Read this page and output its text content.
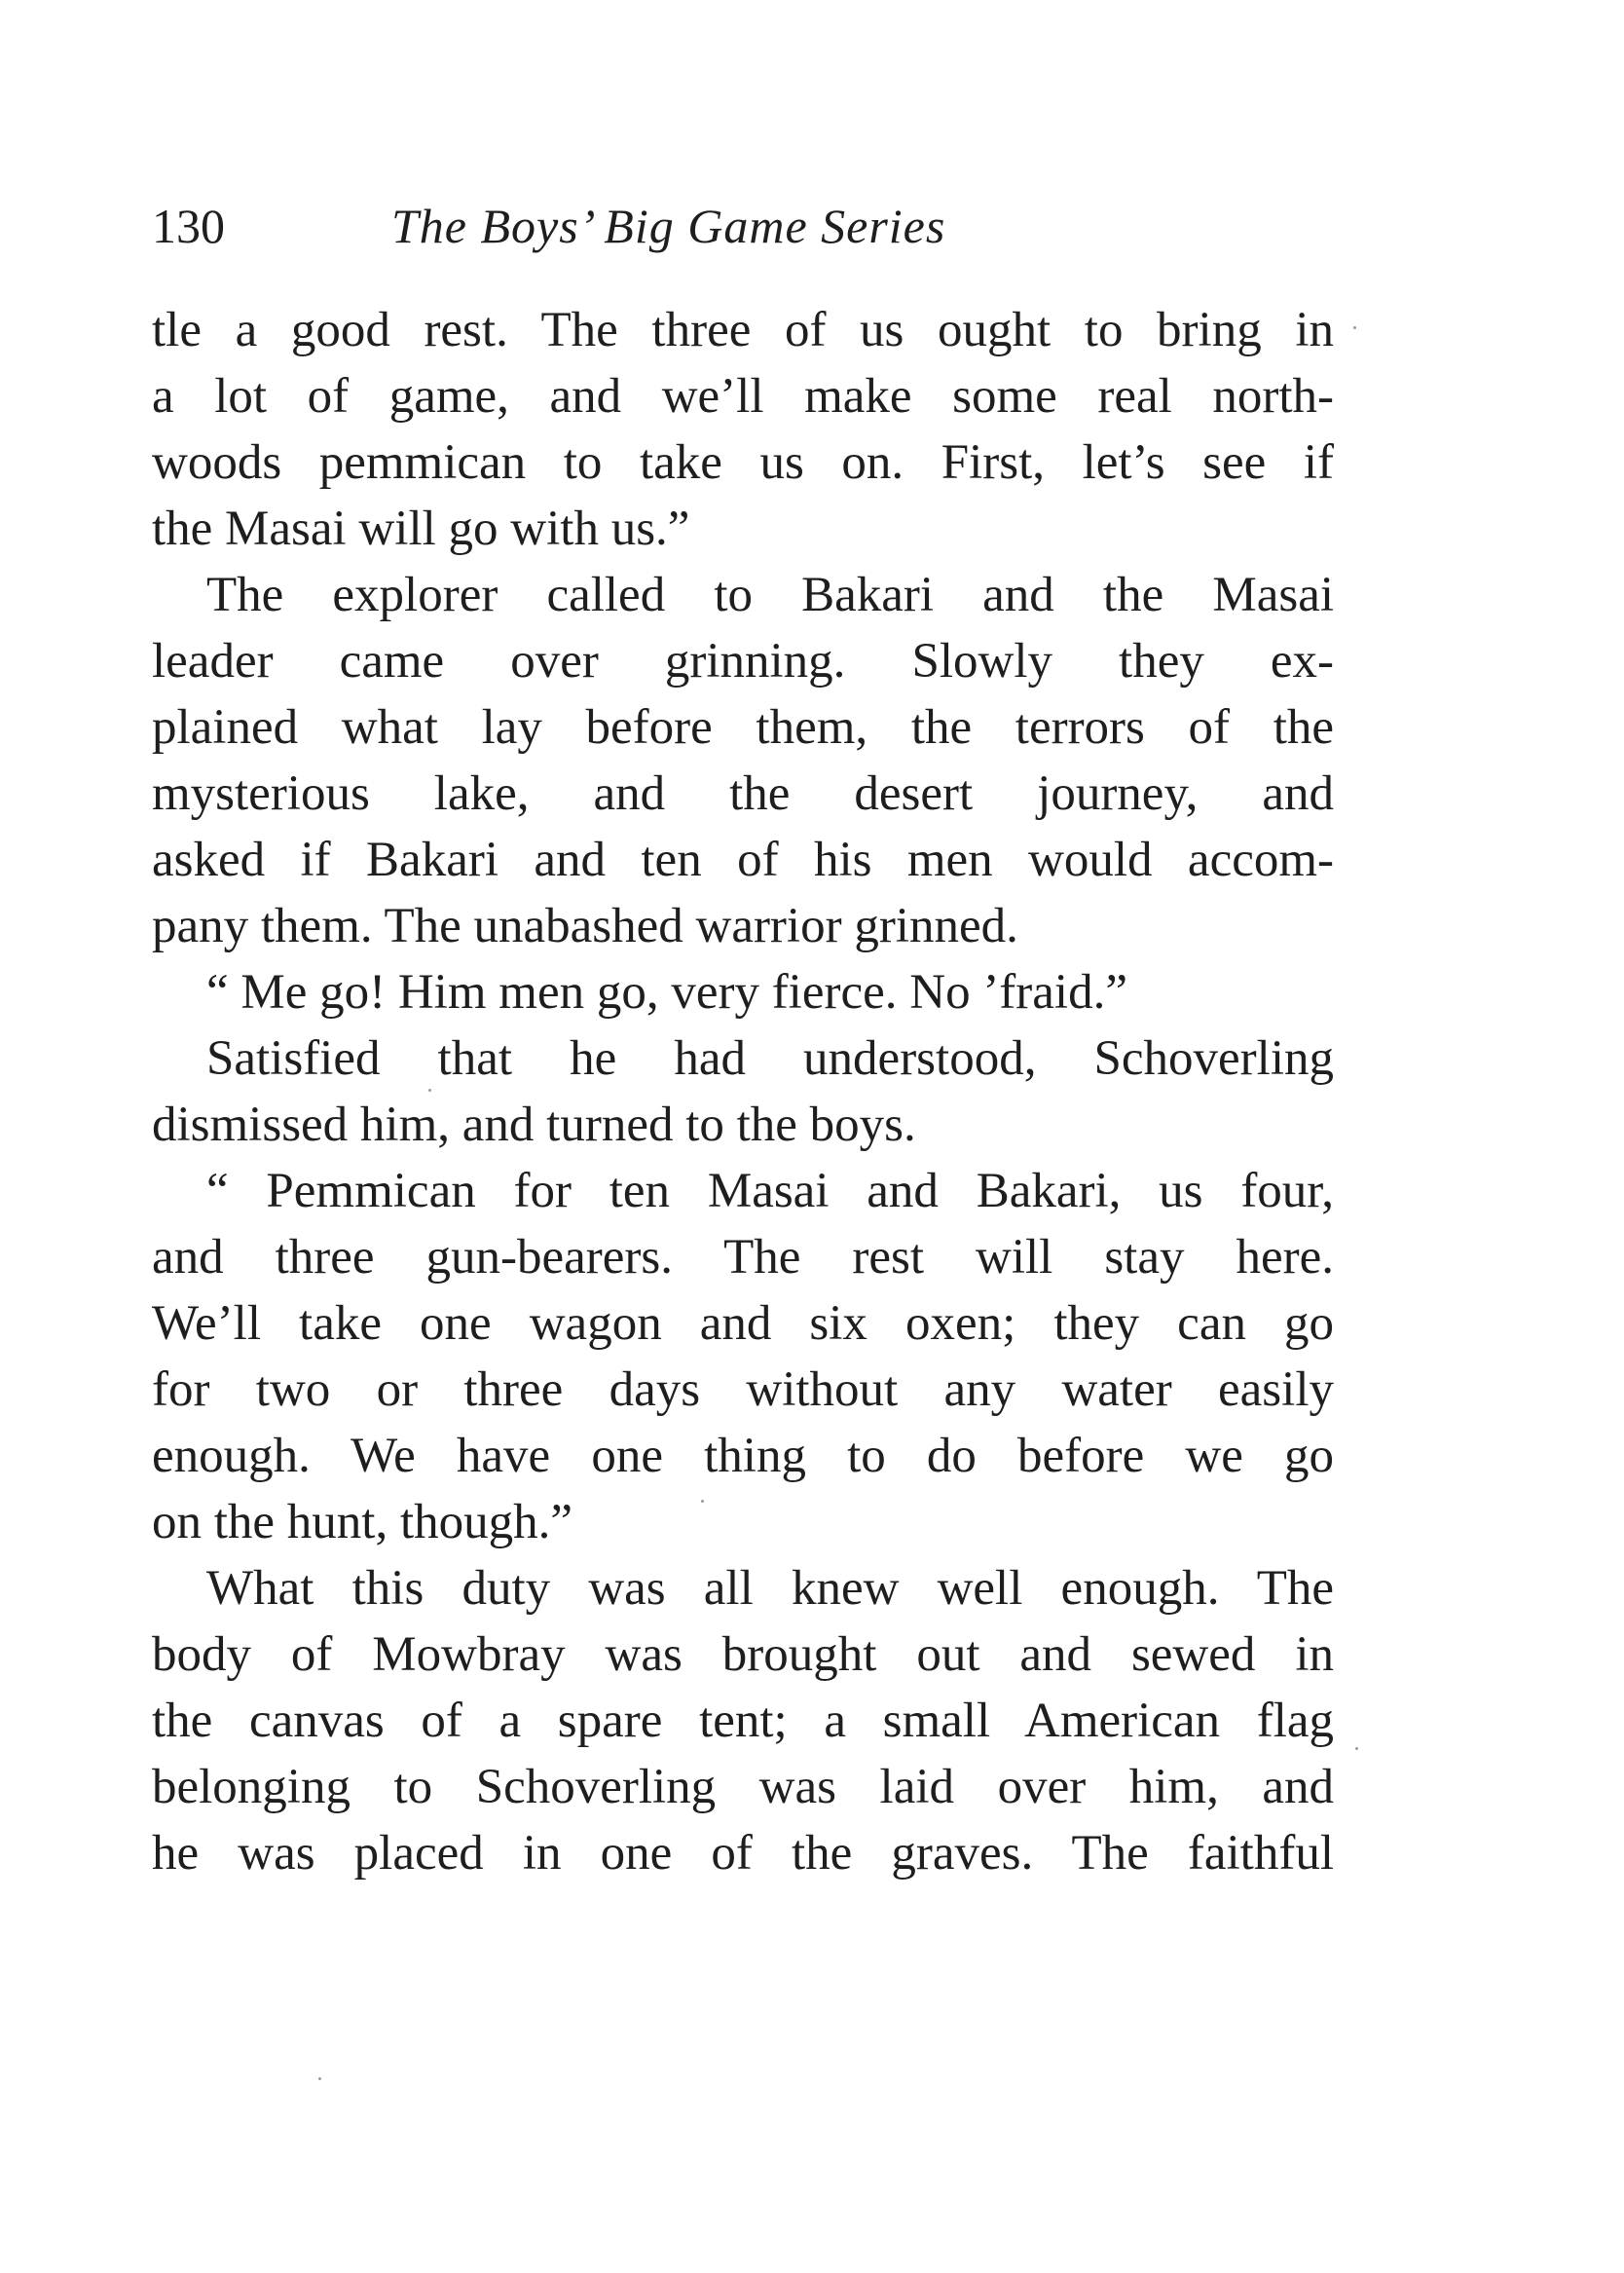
130	The Boys’ Big Game Series
tle a good rest. The three of us ought to bring in
a lot of game, and we’ll make some real north-
woods pemmican to take us on. First, let’s see if
the Masai will go with us.”
The explorer called to Bakari and the Masai
leader came over grinning. Slowly they ex-
plained what lay before them, the terrors of the
mysterious lake, and the desert journey, and
asked if Bakari and ten of his men would accom-
pany them. The unabashed warrior grinned.
“ Me go! Him men go, very fierce. No ’fraid.”
Satisfied that he had understood, Schoverling
dismissed him, and turned to the boys.
“ Pemmican for ten Masai and Bakari, us four,
and three gun-bearers. The rest will stay here.
We’ll take one wagon and six oxen; they can go
for two or three days without any water easily
enough. We have one thing to do before we go
on the hunt, though.”
What this duty was all knew well enough. The
body of Mowbray was brought out and sewed in
the canvas of a spare tent; a small American flag
belonging to Schoverling was laid over him, and
he was placed in one of the graves. The faithful
